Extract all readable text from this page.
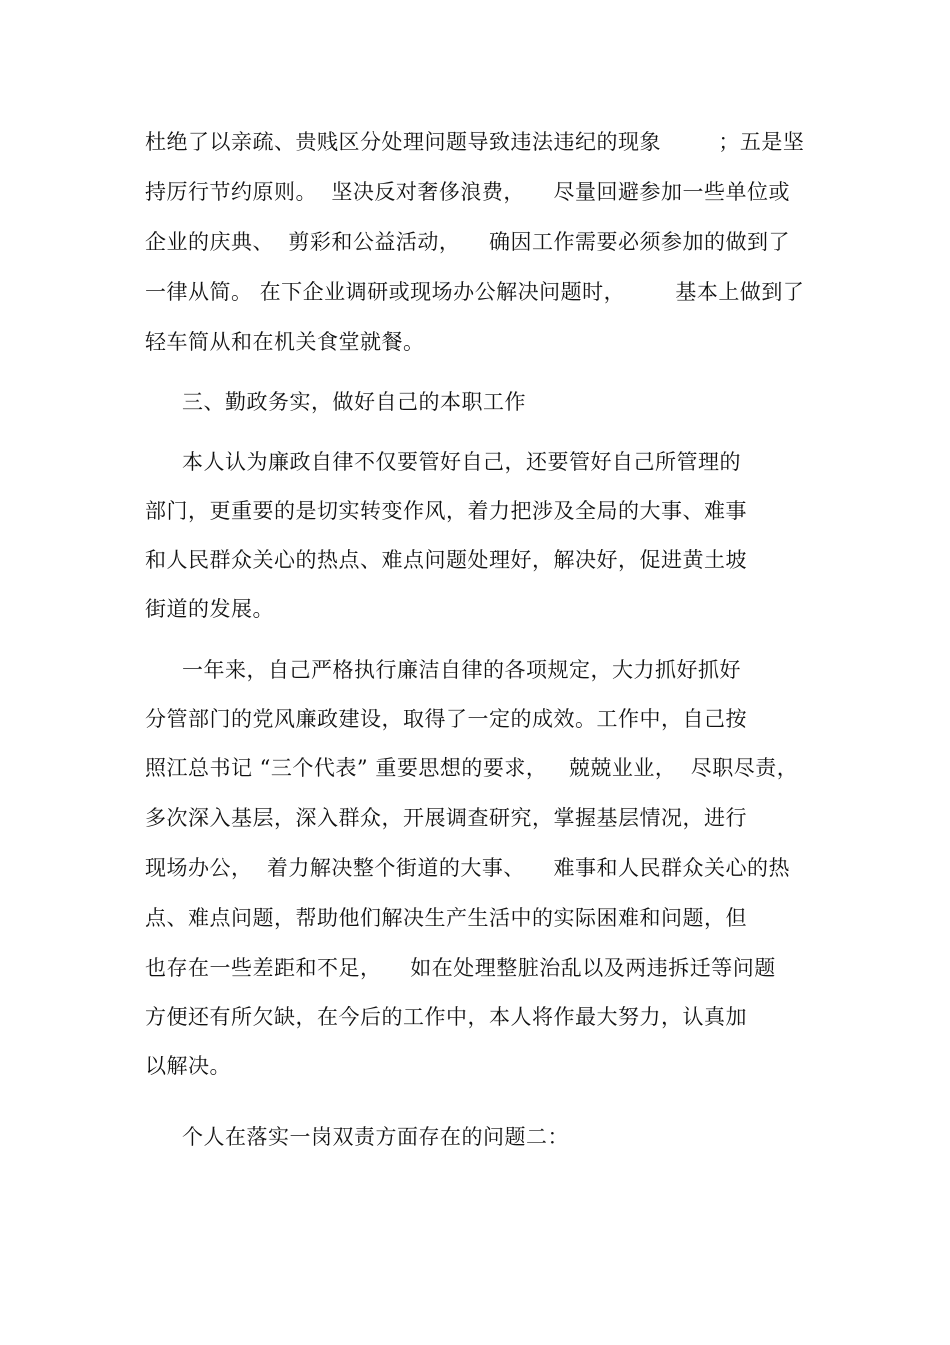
杜绝了以亲疏、贵贱区分处理问题导致违法违纪的现象        ；五是坚
持厉行节约原则。  坚决反对奢侈浪费，    尽量回避参加一些单位或
企业的庆典、  剪彩和公益活动，    确因工作需要必须参加的做到了
一律从简。 在下企业调研或现场办公解决问题时，       基本上做到了
轻车简从和在机关食堂就餐。
三、勤政务实，做好自己的本职工作
本人认为廉政自律不仅要管好自己，还要管好自己所管理的
部门，更重要的是切实转变作风，着力把涉及全局的大事、难事
和人民群众关心的热点、难点问题处理好，解决好，促进黄土坡
街道的发展。
一年来，自己严格执行廉洁自律的各项规定，大力抓好抓好
分管部门的党风廉政建设，取得了一定的成效。工作中，自己按
照江总书记 “三个代表” 重要思想的要求，   兢兢业业，  尽职尽责，
多次深入基层，深入群众，开展调查研究，掌握基层情况，进行
现场办公，  着力解决整个街道的大事、    难事和人民群众关心的热
点、难点问题，帮助他们解决生产生活中的实际困难和问题，但
也存在一些差距和不足，    如在处理整脏治乱以及两违拆迁等问题
方便还有所欠缺，在今后的工作中，本人将作最大努力，认真加
以解决。
个人在落实一岗双责方面存在的问题二：
